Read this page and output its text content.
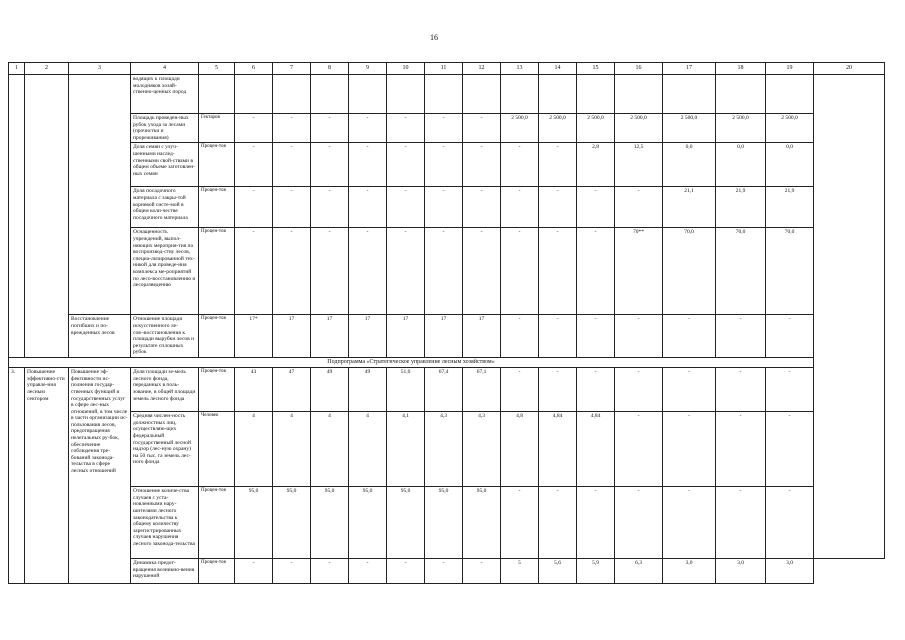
16
1	2	3	4	5	6	7	8	9	10	11	12	13	14	15	16	17	18	19	20
			водящих к площади молодняков хозяй-ственно-ценных пород																
			Площадь проведен-ных рубок ухода за лесами (прочистки и прореживания)	Гектаров	-	-	-	-	-	-	-	2 500,0	2 500,0	2 500,0	2 500,0	2 500,0	2 500,0	2 500,0	
			Доля семян с улуч-шенными наслед-ственными свой-ствами в общем объеме заготовлен-ных семян	Процен-тов	-	-	-	-	-	-	-	-	-	2,8	12,5	0,0	0,0	0,0	
			Доля посадочного материала с закры-той корневой систе-мой в общем коли-честве посадочного материала	Процен-тов	-	-	-	-	-	-	-	-	-	-	-	21,1	21,9	21,9	
			Оснащенность учреждений, выпол-няющих мероприя-тия по воспроизвод-ству лесов, специа-лизированной тех-никой для проведе-ния комплекса ме-роприятий по лесо-восстановлению и лесоразведению	Процен-тов	-	-	-	-	-	-	-	-	-	-	70**	70,0	70,0	70,0	
		Восстановление погибших и по-врежденных лесов	Отношение площади искусственного ле-сов¬восстановления к площади вырубки лесов и результате сплошных рубок	Процен-тов	17*	17	17	17	17	17	17	-	-	-	-	-	-	-	
Подпрограмма «Стратегическое управление лесным хозяйством»																			
3.	Повышение эффективно-сти управле-ния лесным сектором	Повышение эф-фективности ис-полнения государ-ственных функций и государственных услуг в сфере лес-ных отношений, в том числе в части организации ис-пользования лесов, предотвращения нелегальных ру-бок, обеспечение соблюдения тре-бований законода-тельства в сфере лесных отношений	Доля площади зе-мель лесного фонда, переданных в поль-зование, в общей площади земель лесного фонда	Процен-тов	43	47	49	49	51,0	67,4	67,1	-	-	-	-	-	-	-	
			Средняя числен-ность должностных лиц, осуществляю-щих федеральный государственный лесной надзор (лес-ную охрану) на 50 тыс. га земель лес-ного фонда	Человек	4	4	4	4	4,1	4,3	4,3	4,8	4,84	4,84	-	-	-	-	
			Отношение количе-ства случаев с уста-новленными нару-шителями лесного законодательства к общему количеству зарегистрированных случаев нарушения лесного законода-тельства	Процен-тов	95,0	95,0	95,0	95,0	95,0	95,0	95,0	-	-	-	-	-	-	-	
			Динамика предот-вращения возникно-вения нарушений	Процен-тов	-	-	-	-	-	-	-	5	5,6	5,9	6,3	3,0	3,0	3,0	
